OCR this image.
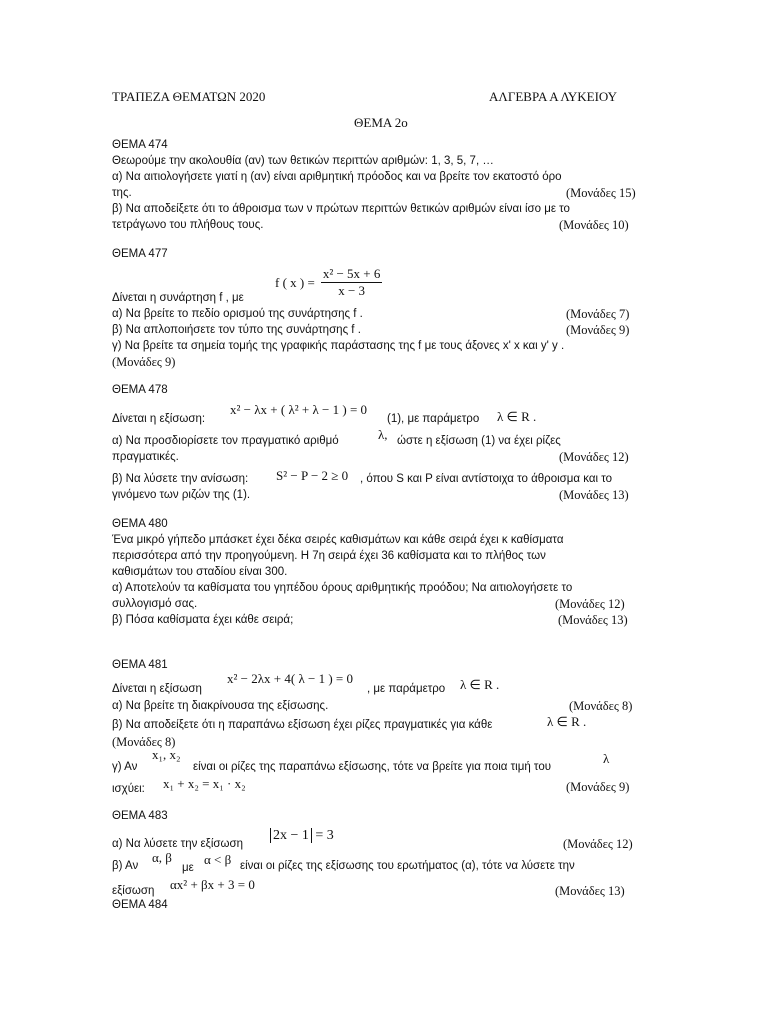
ΤΡΑΠΕΖΑ ΘΕΜΑΤΩΝ 2020	ΑΛΓΕΒΡΑ Α ΛΥΚΕΙΟΥ
ΘΕΜΑ 2ο
ΘΕΜΑ 474
Θεωρούμε την ακολουθία (αν) των θετικών περιττών αριθμών: 1, 3, 5, 7, …
α) Να αιτιολογήσετε γιατί η (αν) είναι αριθμητική πρόοδος και να βρείτε τον εκατοστό όρο
της.	(Μονάδες 15)
β) Να αποδείξετε ότι το άθροισμα των ν πρώτων περιττών θετικών αριθμών είναι ίσο με το
τετράγωνο του πλήθους τους.	(Μονάδες 10)
ΘΕΜΑ 477
f ( x ) = $\frac{\text{x² − 5x + 6}}{x - 3}$
Δίνεται η συνάρτηση f , με
α) Να βρείτε το πεδίο ορισμού της συνάρτησης f .	(Μονάδες 7)
β) Να απλοποιήσετε τον τύπο της συνάρτησης f .	(Μονάδες 9)
γ) Να βρείτε τα σημεία τομής της γραφικής παράστασης της f με τους άξονες x' x και y' y .
(Μονάδες 9)
ΘΕΜΑ 478
Δίνεται η εξίσωση:
x² − λx + ( λ² + λ − 1 ) = 0
(1), με παράμετρο λ ∈ R .
α) Να προσδιορίσετε τον πραγματικό αριθμό	λ, ώστε η εξίσωση (1) να έχει ρίζες
πραγματικές.	(Μονάδες 12)
β) Να λύσετε την ανίσωση: S² − P − 2 ≥ 0 , όπου S και P είναι αντίστοιχα το άθροισμα και το
γινόμενο των ριζών της (1).	(Μονάδες 13)
ΘΕΜΑ 480
Ένα μικρό γήπεδο μπάσκετ έχει δέκα σειρές καθισμάτων και κάθε σειρά έχει κ καθίσματα
περισσότερα από την προηγούμενη. Η 7η σειρά έχει 36 καθίσματα και το πλήθος των
καθισμάτων του σταδίου είναι 300.
α) Αποτελούν τα καθίσματα του γηπέδου όρους αριθμητικής προόδου; Να αιτιολογήσετε το
συλλογισμό σας.	(Μονάδες 12)
β) Πόσα καθίσματα έχει κάθε σειρά;	(Μονάδες 13)
ΘΕΜΑ 481
Δίνεται η εξίσωση
x² − 2λx + 4( λ − 1 ) = 0
, με παράμετρο λ ∈ R .
α) Να βρείτε τη διακρίνουσα της εξίσωσης.	(Μονάδες 8)
β) Να αποδείξετε ότι η παραπάνω εξίσωση έχει ρίζες πραγματικές για κάθε	λ ∈ R .
(Μονάδες 8)
γ) Αν
x₁, x₂
είναι οι ρίζες της παραπάνω εξίσωσης, τότε να βρείτε για ποια τιμή του
λ
ισχύει: x₁ + x₂ = x₁ · x₂	(Μονάδες 9)
ΘΕΜΑ 483
α) Να λύσετε την εξίσωση
2x − 1 = 3
(Μονάδες 12)
β) Αν
α, β
με
α < β είναι οι ρίζες της εξίσωσης του ερωτήματος (α), τότε να λύσετε την
εξίσωση αx² + βx + 3 = 0	(Μονάδες 13)
ΘΕΜΑ 484
